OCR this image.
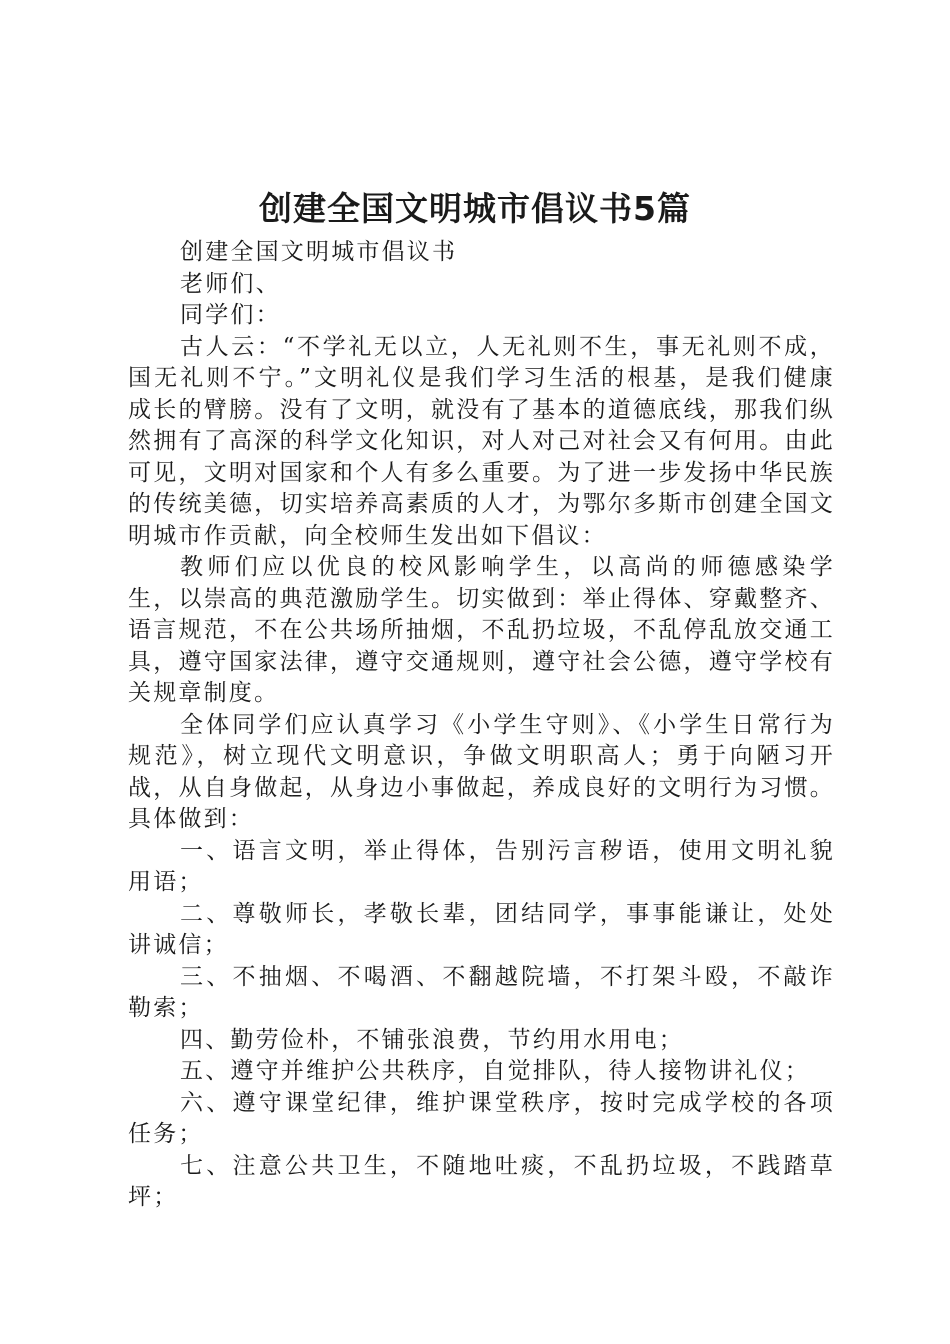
创建全国文明城市倡议书5篇

创建全国文明城市倡议书

老师们、

同学们：

古人云：“不学礼无以立，人无礼则不生，事无礼则不成，国无礼则不宁。”文明礼仪是我们学习生活的根基，是我们健康成长的臂膀。没有了文明，就没有了基本的道德底线，那我们纵然拥有了高深的科学文化知识，对人对己对社会又有何用。由此可见，文明对国家和个人有多么重要。为了进一步发扬中华民族的传统美德，切实培养高素质的人才，为鄂尔多斯市创建全国文明城市作贡献，向全校师生发出如下倡议：

教师们应以优良的校风影响学生，以高尚的师德感染学生，以崇高的典范激励学生。切实做到：举止得体、穿戴整齐、语言规范，不在公共场所抽烟，不乱扔垃圾，不乱停乱放交通工具，遵守国家法律，遵守交通规则，遵守社会公德，遵守学校有关规章制度。

全体同学们应认真学习《小学生守则》、《小学生日常行为规范》，树立现代文明意识，争做文明职高人；勇于向陋习开战，从自身做起，从身边小事做起，养成良好的文明行为习惯。具体做到：

一、语言文明，举止得体，告别污言秽语，使用文明礼貌用语；

二、尊敬师长，孝敬长辈，团结同学，事事能谦让，处处讲诚信；

三、不抽烟、不喝酒、不翻越院墙，不打架斗殴，不敲诈勒索；

四、勤劳俭朴，不铺张浪费，节约用水用电；

五、遵守并维护公共秩序，自觉排队，待人接物讲礼仪；

六、遵守课堂纪律，维护课堂秩序，按时完成学校的各项任务；

七、注意公共卫生，不随地吐痰，不乱扔垃圾，不践踏草坪；
